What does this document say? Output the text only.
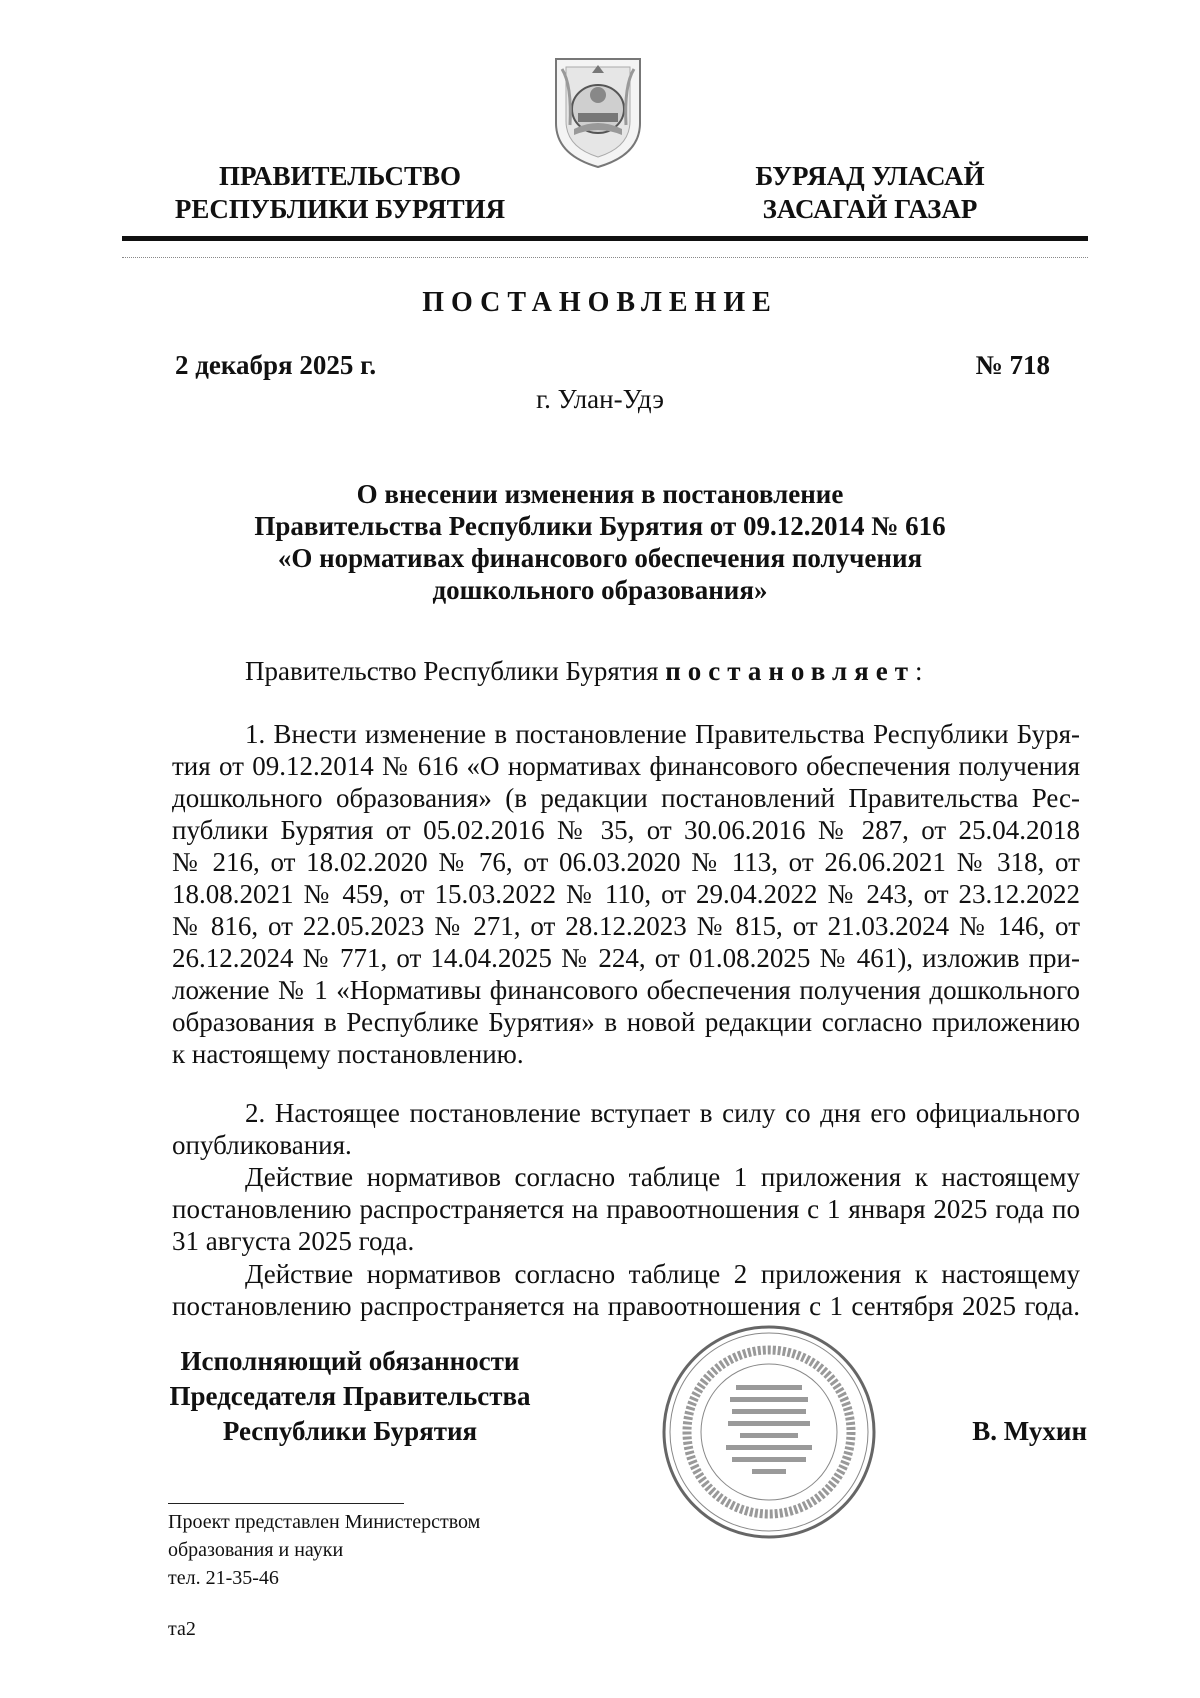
ПРАВИТЕЛЬСТВО
РЕСПУБЛИКИ БУРЯТИЯ
БУРЯАД УЛАСАЙ
ЗАСАГАЙ ГАЗАР
ПОСТАНОВЛЕНИЕ
2 декабря 2025 г.	№ 718
г. Улан-Удэ
О внесении изменения в постановление
Правительства Республики Бурятия от 09.12.2014 № 616
«О нормативах финансового обеспечения получения
дошкольного образования»
Правительство Республики Бурятия постановляет:
1. Внести изменение в постановление Правительства Республики Буря-
тия от 09.12.2014 № 616 «О нормативах финансового обеспечения получения
дошкольного образования» (в редакции постановлений Правительства Рес-
публики Бурятия от 05.02.2016 № 35, от 30.06.2016 № 287, от 25.04.2018
№ 216, от 18.02.2020 № 76, от 06.03.2020 № 113, от 26.06.2021 № 318, от
18.08.2021 № 459, от 15.03.2022 № 110, от 29.04.2022 № 243, от 23.12.2022
№ 816, от 22.05.2023 № 271, от 28.12.2023 № 815, от 21.03.2024 № 146, от
26.12.2024 № 771, от 14.04.2025 № 224, от 01.08.2025 № 461), изложив при-
ложение № 1 «Нормативы финансового обеспечения получения дошкольного
образования в Республике Бурятия» в новой редакции согласно приложению
к настоящему постановлению.
2. Настоящее постановление вступает в силу со дня его официального
опубликования.
Действие нормативов согласно таблице 1 приложения к настоящему
постановлению распространяется на правоотношения с 1 января 2025 года по
31 августа 2025 года.
Действие нормативов согласно таблице 2 приложения к настоящему
постановлению распространяется на правоотношения с 1 сентября 2025 года.
Исполняющий обязанности
Председателя Правительства
Республики Бурятия	В. Мухин
Проект представлен Министерством
образования и науки
тел. 21-35-46
та2
